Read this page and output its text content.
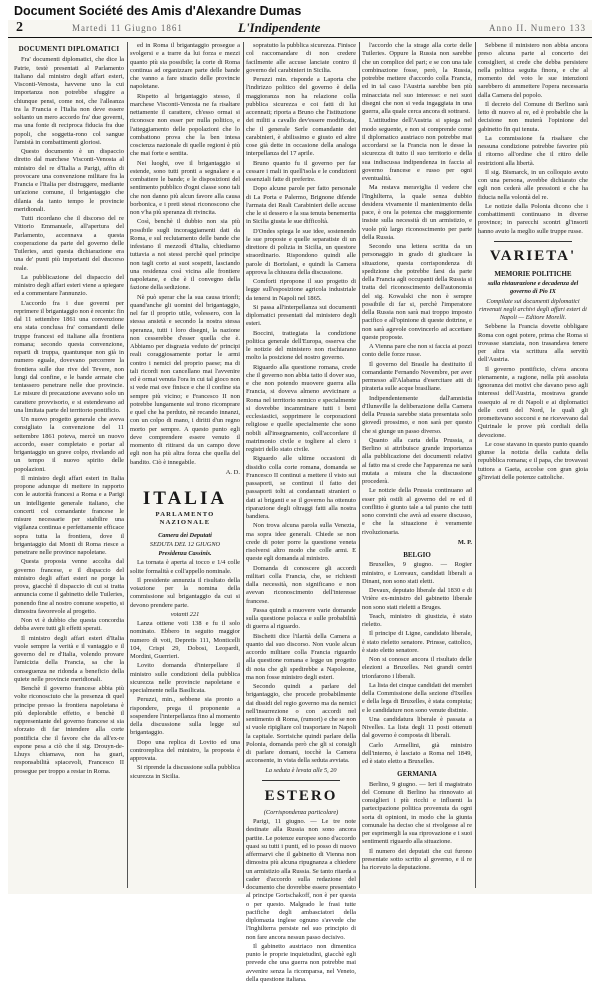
Document Société des Amis d'Alexandre Dumas
2	Martedi 11 Giugno 1861	L'Indipendente	Anno II. Numero 133
DOCUMENTI DIPLOMATICI

Fra' documenti diplomatici, che dice la Patrie, testè presentati al Parlamento italiano dal ministro degli affari esteri, Visconti-Venosta, havvene uno la cui importanza non potrebbe sfuggire a chiunque pensi, come noi, che l'alleanza tra la Francia e l'Italia non deve essere soltanto un mero accordo fra' due governi, ma una fonte di reciproca fiducia fra due popoli, che soggetta-rono col sangue l'amistà in combattimenti gloriosi.

Questo documento è un dispaccio diretto dal marchese Visconti-Venosta al ministro del re d'Italia a Parigi, affin di provocare una convenzione militare fra la Francia e l'Italia per distruggere, mediante un'azione comune, il brigantaggio che dilania da tanto tempo le provincie meridionali.

Tutti ricordano che il discorso del re Vittorio Emmanuele, all'apertura del Parlamento, accennava a questa cooperazione da parte del governo delle Tuileries, anzi questa dichiarazione era una de' punti più importanti del discorso reale.

La pubblicazione del dispaccio del ministro degli affari esteri viene a spiegare ed a commentare l'annunzio.

L'accordo fra i due governi per reprimere il brigantaggio non è recente: fin dal 11 settembre 1861 una convenzione era stata conclusa fra' comandanti delle truppe francesi ed italiane alla frontiera romana; secondo questa convenzione, reparti di truppa, quantunque non già in numero eguale, dovevano percorrere la frontiera sulle due rive del Tevere, non lungi dal confine, e le bande armate che tentassero penetrare nelle due provincie. Le misure di precauzione avevano solo un carattere provvisorio, e si estendevano ad una limitata parte del territorio pontificio.

Un nuovo progetto generale che aveva consigliato la convenzione del 11 settembre 1861 poteva, mercè un nuovo accordo, esser completato e portar al brigantaggio un grave colpo, rivelando ad un tempo il nuovo spirito delle popolazioni.

Il ministro degli affari esteri in Italia propone adunque di mettere in rapporto con le autorità francesi a Roma e a Parigi un intelligente generale italiano, che concerti col comandante francese le misure necessarie per stabilire una vigilanza continua e perfettamente efficace sopra tutta la frontiera, dove il brigantaggio dai Monti di Roma riesce a penetrare nelle province napoletane.

Questa proposta venne accolta dal governo francese, e il dispaccio del ministro degli affari esteri ne porge la prova, giacchè il dispaccio di cui si tratta annuncia come il gabinetto delle Tuileries, ponendo fine al nostro comune sospetto, si dimostra favorevole al progetto.

Non vi è dubbio che questa concordia debba avere tutti gli effetti sperati.

Il ministro degli affari esteri d'Italia vuole sempre la verità e il vantaggio e il governo del re d'Italia, volendo provare l'amicizia della Francia, sa che la conseguenza ne ridonda a beneficio della quiete nelle provincie meridionali.

Benchè il governo francese abbia più volte riconosciuto che la presenza di quel principe presso la frontiera napoletana è più deplorabile effetto, e benchè il rappresentante del governo francese si sia sforzato di far intendere alla corte pontificia che il favore che da all'ex-re espone pesa a ciò che il sig. Drouyn-de-Lhuys chiamava, non ha guari, responsabilità spiacevoli, Francesco II prosegue per troppo a restar in Roma.

ed in Roma il brigantaggio prosegue a svolgersi e a trarre da lui forza e mezzi quanto più sia possibile; la corte di Roma continua ad organizzare parte delle bande che vanno a fare strazio delle provincie napoletane.

Rispetto al brigantaggio stesso, il marchese Visconti-Venosta ne fa risaltare nettamente il carattere, ch'esso ormai si riconosce non esser per nulla politico, e l'atteggiamento delle popolazioni che lo combattono prova che la ben intesa coscienza nazionale di quelle regioni è più che mai forte e sentita.

Nei luoghi, ove il brigantaggio si estende, sono tutti pronti a segnalare e a combattere le bande; e le disposizioni del sentimento pubblico d'ogni classe sono tali che non danno più alcun favore alla causa borbonica, e i preti stessi riconoscono che non v'ha più speranza di rivincita.

Così, benchè il dubbio non sia più possibile sugli incoraggiamenti dati da Roma, e sul reclutamento delle bande che infestano il mezzodì d'Italia, chiediamo tuttavia a noi stessi perchè quel principe non tagli corto ai suoi sospetti, lasciando una residenza così vicina alle frontiere napoletane, e che è il convegno della fazione della sedizione.

Nè può sperar che la sua causa trionfi; quand'anche gli uomini del brigantaggio, nel far il proprio utile, volessero, con la stessa ansietà e secondo la nostra stessa speranza, tutti i loro disegni, la nazione non cesserebbe d'esser quella che è. Abbiamo per disgrazia veduto de' principi reali coraggiosamente portar le armi contro i nemici del proprio paese; ma di tali ricordi non cancellano mai l'avvenire ed è ormai venuta l'ora in cui tal gioco non si vede mai ove finisce e che il confine sta sempre più vicino; e Francesco II non potrebbe lungamente sul trono ricomprare e quel che ha perduto, nè recando innanzi, con un colpo di mano, i diritti d'un regno morto per sempre. A questo punto egli deve comprendere essere venuto il momento di ritirarsi da un campo dove egli non ha più altra forza che quella del bandito. Ciò è innegabile.

A. D.
ITALIA
PARLAMENTO NAZIONALE
Camera dei Deputati
SEDUTA DEL 12 GIUGNO
Presidenza Cassinis.

La tornata è aperta al tocco e 1/4 colle solite formalità e coll'appello nominale.

Il presidente annunzia il risultato della votazione per la nomina della commissione sul brigantaggio da cui si devono prendere parte.

votanti 221

Lanza ottiene voti 138 e fu il solo nominato. Ebbero in seguito maggior numero di voti, Depretis 111, Monticelli 104, Crispi 29, Dobosi, Leopardi, Mordini, Guerrieri.

Lovito domanda d'interpellare il ministro sulle condizioni della pubblica sicurezza nelle provincie napoletane e specialmente nella Basilicata.

Peruzzi, min., sebbene sia pronto a rispondere, prega il proponente a sospendere l'interpellanza fino al momento della discussione sulla legge sul brigantaggio.

Dopo una replica di Lovito ed una controreplica del ministro, la proposta è approvata.

Si riprende la discussione sulla pubblica sicurezza in Sicilia.

sopratutto la pubblica sicurezza. Finisce col raccomandare di non credere facilmente alle accuse lanciate contro il governo del carabinieri in Sicilia.

Peruzzi min. risponde a Laporta che l'indirizzo politico del governo è della maggioranza non ha relazione colla pubblica sicurezza e coi fatti di lui accennati; riporta a Bruno che l'istituzione dei militi a cavallo dev'essere modificata, che il generale Serle comandante dei carabinieri, è abilissimo e giusto ed altre cose già dette in occasione della analoga interpellanza del 17 aprile.

Bruno quanto fu il governo per far cessare i mali in quell'isola e le condizioni essenziali fatte di preferire.

Dopo alcune parole per fatto personale di La Porta e Palermo, Brignone difende l'armata dei Reali Carabinieri delle accuse che le si dessero e la sua tenuta benemerita in Sicilia giusta le sue difficoltà.

D'Ondes spiega le sue idee, sostenendo le sue proposte e quelle separatiste di un direttore di polizia in Sicilia, un questore straordinario. Rispondono quindi alle parole di Bortolani, e quindi la Camera approva la chiusura della discussione.

Comforti ripropone il suo progetto di legge sull'esposizione agricola industriale da tenersi in Napoli nel 1865.

Si passa all'interpellanza sui documenti diplomatici presentati dal ministero degli esteri.

Boccini, trattegiata la condizione politica generale dell'Europa, osserva che le notizie del ministero non rischiarano molto la posizione del nostro governo.

Riguardo alla questione romana, crede che il governo non abbia tatto il dover suo, e che non potendo muovere guerra alla Francia, si doveva almeno avvicinare a Roma nel territorio nemico e specialmente si dovrebbe incamminare tutti i beni ecclesiastici, sopprimere le corporazioni religiose e quelle specialmente che sono nobili all'insegnamento, coll'accordare il matrimonio civile e togliere al clero i registri dello stato civile.

Riguardo alle ultime occasioni di dissidio colla corte romana, domanda se Francesco II continui a mettere il visto sui passaporti, se continui il fatto dei passaporti tolti ai condannati stranieri o dati ai briganti e se il governo ha ottenuto riparazione degli oltraggi fatti alla nostra bandiera.

Non trova alcuna parola sulla Venezia, ma sopra idee generali. Chiede se non crede di poter porre la questione veneta risolversi altro modo che colle armi. E queste egli domanda al ministro.

Domanda di conoscere gli accordi militari colla Francia, che, se richiesti dalla necessità, non significano e non avevan riconoscimento dell'interesse francese.

Passa quindi a muovere varie domande sulla questione polacca e sulle probabilità di guerra al riguardo.

Bischetti dice l'ilarità della Camera a quanto dal suo discorso. Non vuole alcun accordo militare colla Francia riguardo alla questione romana e legge un progetto di nota che gli spedirebbe a Napoleone, ma non fosse ministro degli esteri.

Secondo quindi a parlare del brigantaggio, che procede probabilmente dai dissidi del regio governo ma da nemici nell'insurrezione o con accordi nel sentimento di Roma, (rumori) e che se non si vuole ripigliare col trasportare in Napoli la capitale. Sorrisiche quindi parlare della Polonia, domanda però che gli si consigli di parlare domani, tocchè la Camera acconsente, in vista della seduta avviata.

La seduta è levata alle 5, 20
ESTERO
(Corrispondenza particolare)

Parigi, 11 giugno. — Le tre note destinate alla Russia non sono ancora partite. Le potenze europee sono d'accordo quasi su tutti i punti, ed io posso di nuovo affermarvi che il gabinetto di Vienna non dimostra più alcuna ripugnanza a chiedere un armistizio alla Russia. Se tanto ritarda a cader d'accordo sulla redazione del documento che dovrebbe essere presentato al principe Gortschakoff, non è per questa o per questo. Malgrado le frasi tutte pacifiche degli ambasciatori della diplomazia inglese ognuno s'avvede che l'Inghilterra persiste nel suo principio di non fare ancora nessun passo decisivo.

Il gabinetto austriaco non dimentica punto le proprie inquietudini, giacchè egli prevede che una guerra non potrebbe mai avvenire senza la ricomparsa, nel Veneto, della questione italiana.

l'accordo che la strage alla corte delle Tuileries. Oppure la Russia non sarebbe che un complice del pari; e se con una tale combinazione fosse, però, la Russia, potrebbe mettere d'accordo colla Francia, ed in tal caso l'Austria sarebbe ben più minacciata nel suo interesse: e nei suoi disegni che non si veda ingaggiata in una guerra, alla quale cerca ancora di sottrarsi.

L'attitudine dell'Austria si spiega nel modo seguente, e non si comprende come il diplomatico austriaco non potrebbe mai accordarsi se la Francia non le desse la sicurezza di tutto il suo territorio e della sua indiscussa indipendenza in faccia al governo francese e russo per ogni eventualità.

Ma restava meraviglia il vedere che l'Inghilterra, la quale senza dubbio desidera vivamente il mantenimento della pace, è ora la potenza che maggiormente insiste sulla necessità di un armistizio, e vuole più largo riconoscimento per parte della Russia.

Secondo una lettera scritta da un personaggio in grado di giudicare la situazione, questa corrispondenza di spedizione che potrebbe farsi da parte della Francia agli occupanti della Russia si tratta del riconoscimento dell'autonomia del sig. Kowalski che non è sempre possibile di far si, perchè l'imperatore della Russia non sarà mai troppo imposto pacifico e all'opinione di queste dottrine, e non sarà agevole convincerlo ad accettare queste proposte.

A Vienna pare che non si faccia ai pozzi conto delle forze russe.

Il governo del Brasile ha destituito il comandante Fernando Novembre, per aver permesso all'Alabama d'esercitare atti di pirateria sulle acque brasiliane.

Indipendentemente dall'amnistia d'Ilunsville la deliberazione della Camera della Prussia sarebbe stata presentata solo giovedì prossimo, e non sarà per questo che si giunge un passo diverso.

Quanto alla carta della Prussia, a Berlino si attribuisce grande importanza alla pubblicazione dei documenti relativi al fatto ma si crede che l'apparenza ne sarà mutata a misura che la discussione procederà.

Le notizie della Prussia continuano ad esser più ostili al governo del re ed il conflitto è giunto tale a tal punto che tutti sono convinti che avrà ad essere discusso, e che la situazione è veramente rivoluzionaria.

M. P.
BELGIO

Bruxelles, 9 giugno. — Rogier ministro, e Lonvaux, candidati liberali a Dinant, non sono stati eletti.

Devaux, deputato liberale dal 1830 e di Vrière ex-ministro del gabinetto liberale non sono stati rieletti a Bruges.

Teach, ministro di giustizia, è stato rieletto.

Il principe di Ligne, candidato liberale, è stato rieletto senatore. Prinsse, cattolico, è stato eletto senatore.

Non si conosce ancora il risultato delle elezioni a Bruxelles. Nei grandi centri trionfarono i liberali.

La lista dei cinque candidati dei membri della Commissione della sezione d'Ixelles e della lega di Bruxelles, è stata compiuta; e le candidature non sono venute distinte.

Una candidatura liberale è passata a Nivelles. La lista degli 11 posti ottenuti dal governo è composta di liberali.

Carlo Armellini, già ministro dell'interno, è lasciato a Roma nel 1849, ed è stato eletto a Bruxelles.

GERMANIA

Berlino, 9 giugno. — Ieri il magistrato del Comune di Berlino ha rinnovato ai consiglieri i più ricchi e influenti la partecipazione politica provenuta da ogni sorta di opinioni, in modo che la giunta comunale ha deciso che si rivolgesse al re per esprimergli la sua riprovazione e i suoi sentimenti riguardo alla situazione.

Il numero dei deputati che cui furono presentate sotto scritto al governo, e il re ha ricevuto la deputazione.

Sebbene il ministero non abbia ancora preso alcuna parte al concerto dei consiglieri, si crede che debba persistere nella politica seguita finora, e che al momento del voto le sue intenzioni sarebbero di ammettere l'opera necessaria dalla Camera del popolo.

Il decreto del Comune di Berlino sarà letto di nuovo al re, ed è probabile che la decisione non muterà l'opinione del gabinetto fin qui tenuta.

La commissione fa risaltare che nessuna condizione potrebbe favorire più il ritorno all'ordine che il ritiro delle restrizioni alla libertà.

Il sig. Bismarck, in un colloquio avuto con una persona, avrebbe dichiarato che egli non cederà alle pressioni e che ha fiducia nella volontà del re.

Le notizie dalla Polonia dicono che i combattimenti continuano in diverse province; in parecchi scontri gl'insorti hanno avuto la meglio sulle truppe russe.

VARIETA'
MEMORIE POLITICHE
sulla ristaurazione e decadenza del governo di Pio IX
Compilate sui documenti diplomatici rinvenuti negli archivi degli affari esteri di Napoli — Editore Morelli.

Sebbene la Francia dovette obbligare Roma con ogni potere, prima che Roma si trovasse stanziata, non trasandava tenere per altra via scrittura alla servitù dell'Austria.

Il governo pontificio, ch'era ancora pienamente, a ragione, nella più assoluta ignoranza dei motivi che davano peso agli interessi dell'Austria, mostrava grande ossequio al re di Napoli e ai diplomatici delle corti del Nord, le quali gli promettevano soccorsi e ne ricevevano dal Quirinale le prove più cordiali della devozione.

Le cose stavano in questo punto quando giunse la notizia della caduta della repubblica romana; e il papa, che trovavasi tuttora a Gaeta, accolse con gran gioia gl'inviati delle potenze cattoliche.
